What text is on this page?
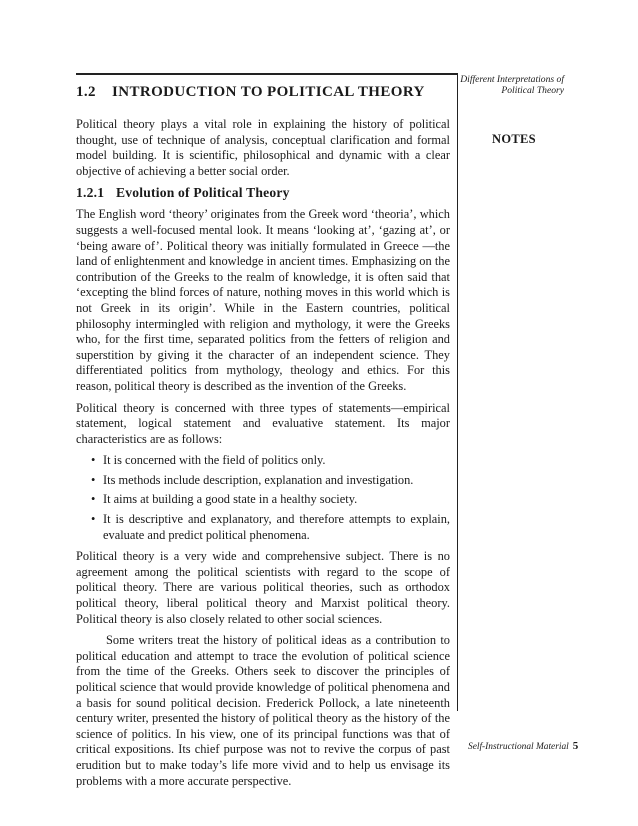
Different Interpretations of
Political Theory
NOTES
1.2 INTRODUCTION TO POLITICAL THEORY

Political theory plays a vital role in explaining the history of political thought, use of technique of analysis, conceptual clarification and formal model building. It is scientific, philosophical and dynamic with a clear objective of achieving a better social order.

1.2.1 Evolution of Political Theory

The English word ‘theory’ originates from the Greek word ‘theoria’, which suggests a well-focused mental look. It means ‘looking at’, ‘gazing at’, or ‘being aware of’. Political theory was initially formulated in Greece —the land of enlightenment and knowledge in ancient times. Emphasizing on the contribution of the Greeks to the realm of knowledge, it is often said that ‘excepting the blind forces of nature, nothing moves in this world which is not Greek in its origin’. While in the Eastern countries, political philosophy intermingled with religion and mythology, it were the Greeks who, for the first time, separated politics from the fetters of religion and superstition by giving it the character of an independent science. They differentiated politics from mythology, theology and ethics. For this reason, political theory is described as the invention of the Greeks.

Political theory is concerned with three types of statements—empirical statement, logical statement and evaluative statement. Its major characteristics are as follows:

• It is concerned with the field of politics only.
• Its methods include description, explanation and investigation.
• It aims at building a good state in a healthy society.
• It is descriptive and explanatory, and therefore attempts to explain, evaluate and predict political phenomena.

Political theory is a very wide and comprehensive subject. There is no agreement among the political scientists with regard to the scope of political theory. There are various political theories, such as orthodox political theory, liberal political theory and Marxist political theory. Political theory is also closely related to other social sciences.

Some writers treat the history of political ideas as a contribution to political education and attempt to trace the evolution of political science from the time of the Greeks. Others seek to discover the principles of political science that would provide knowledge of political phenomena and a basis for sound political decision. Frederick Pollock, a late nineteenth century writer, presented the history of political theory as the history of the science of politics. In his view, one of its principal functions was that of critical expositions. Its chief purpose was not to revive the corpus of past erudition but to make today’s life more vivid and to help us envisage its problems with a more accurate perspective.

Self-Instructional Material 5
